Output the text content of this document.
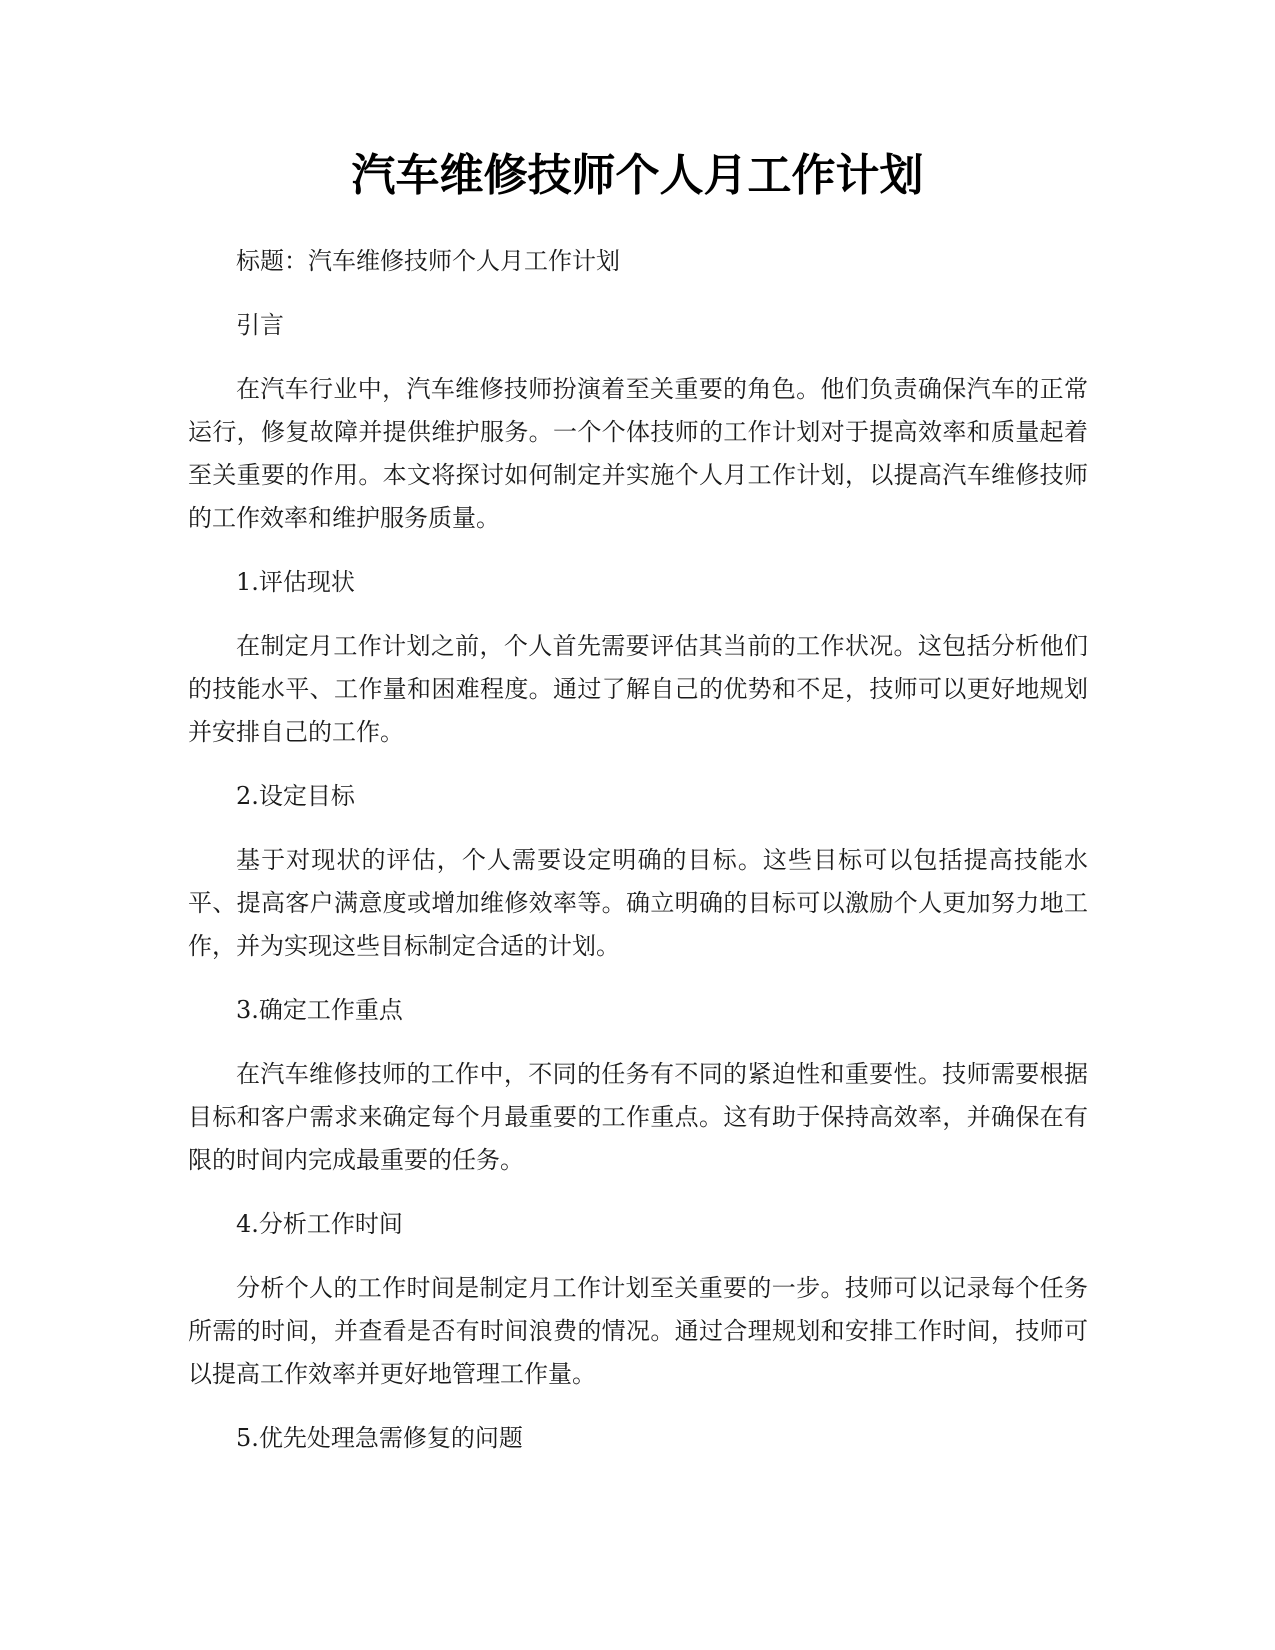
汽车维修技师个人月工作计划

标题：汽车维修技师个人月工作计划

引言

在汽车行业中，汽车维修技师扮演着至关重要的角色。他们负责确保汽车的正常运行，修复故障并提供维护服务。一个个体技师的工作计划对于提高效率和质量起着至关重要的作用。本文将探讨如何制定并实施个人月工作计划，以提高汽车维修技师的工作效率和维护服务质量。

1.评估现状

在制定月工作计划之前，个人首先需要评估其当前的工作状况。这包括分析他们的技能水平、工作量和困难程度。通过了解自己的优势和不足，技师可以更好地规划并安排自己的工作。

2.设定目标

基于对现状的评估，个人需要设定明确的目标。这些目标可以包括提高技能水平、提高客户满意度或增加维修效率等。确立明确的目标可以激励个人更加努力地工作，并为实现这些目标制定合适的计划。

3.确定工作重点

在汽车维修技师的工作中，不同的任务有不同的紧迫性和重要性。技师需要根据目标和客户需求来确定每个月最重要的工作重点。这有助于保持高效率，并确保在有限的时间内完成最重要的任务。

4.分析工作时间

分析个人的工作时间是制定月工作计划至关重要的一步。技师可以记录每个任务所需的时间，并查看是否有时间浪费的情况。通过合理规划和安排工作时间，技师可以提高工作效率并更好地管理工作量。

5.优先处理急需修复的问题
